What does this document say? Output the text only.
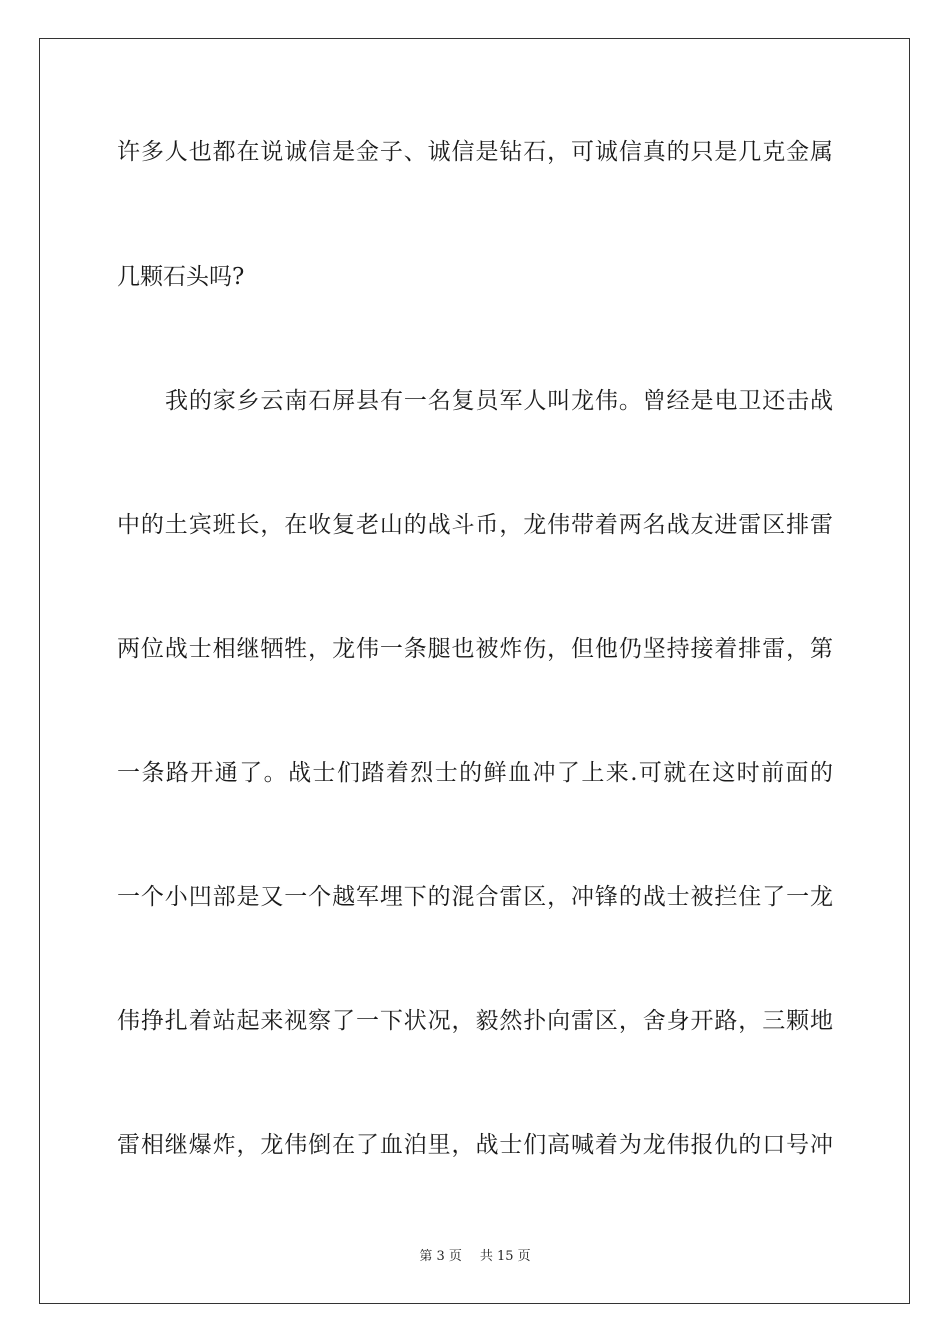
许多人也都在说诚信是金子、诚信是钻石，可诚信真的只是几克金属
几颗石头吗?
我的家乡云南石屏县有一名复员军人叫龙伟。曾经是电卫还击战
中的土宾班长，在收复老山的战斗币，龙伟带着两名战友进雷区排雷
两位战士相继牺牲，龙伟一条腿也被炸伤，但他仍坚持接着排雷，第
一条路开通了。战士们踏着烈士的鲜血冲了上来.可就在这时前面的
一个小凹部是又一个越军埋下的混合雷区，冲锋的战士被拦住了一龙
伟挣扎着站起来视察了一下状况，毅然扑向雷区，舍身开路，三颗地
雷相继爆炸，龙伟倒在了血泊里，战士们高喊着为龙伟报仇的口号冲
第 3 页 共 15 页
